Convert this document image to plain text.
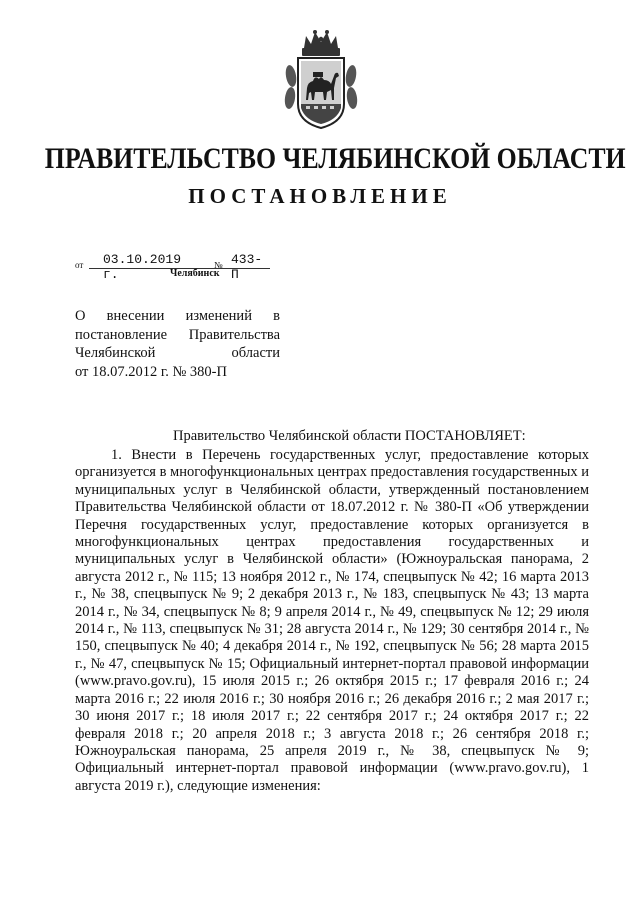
ПРАВИТЕЛЬСТВО ЧЕЛЯБИНСКОЙ ОБЛАСТИ
ПОСТАНОВЛЕНИЕ
от 03.10.2019 г.
№ 433-П
Челябинск
О внесении изменений в
постановление Правительства
Челябинской области
от 18.07.2012 г. № 380-П
Правительство Челябинской области ПОСТАНОВЛЯЕТ:

1. Внести в Перечень государственных услуг, предоставление которых организуется в многофункциональных центрах предоставления государственных и муниципальных услуг в Челябинской области, утвержденный постановлением Правительства Челябинской области от 18.07.2012 г. № 380-П «Об утверждении Перечня государственных услуг, предоставление которых организуется в многофункциональных центрах предоставления государственных и муниципальных услуг в Челябинской области» (Южноуральская панорама, 2 августа 2012 г., № 115; 13 ноября 2012 г., № 174, спецвыпуск № 42; 16 марта 2013 г., № 38, спецвыпуск № 9; 2 декабря 2013 г., № 183, спецвыпуск № 43; 13 марта 2014 г., № 34, спецвыпуск № 8; 9 апреля 2014 г., № 49, спецвыпуск № 12; 29 июля 2014 г., № 113, спецвыпуск № 31; 28 августа 2014 г., № 129; 30 сентября 2014 г., № 150, спецвыпуск № 40; 4 декабря 2014 г., № 192, спецвыпуск № 56; 28 марта 2015 г., № 47, спецвыпуск № 15; Официальный интернет-портал правовой информации (www.pravo.gov.ru), 15 июля 2015 г.; 26 октября 2015 г.; 17 февраля 2016 г.; 24 марта 2016 г.; 22 июля 2016 г.; 30 ноября 2016 г.; 26 декабря 2016 г.; 2 мая 2017 г.; 30 июня 2017 г.; 18 июля 2017 г.; 22 сентября 2017 г.; 24 октября 2017 г.; 22 февраля 2018 г.; 20 апреля 2018 г.; 3 августа 2018 г.; 26 сентября 2018 г.; Южноуральская панорама, 25 апреля 2019 г., № 38, спецвыпуск № 9; Официальный интернет-портал правовой информации (www.pravo.gov.ru), 1 августа 2019 г.), следующие изменения:
